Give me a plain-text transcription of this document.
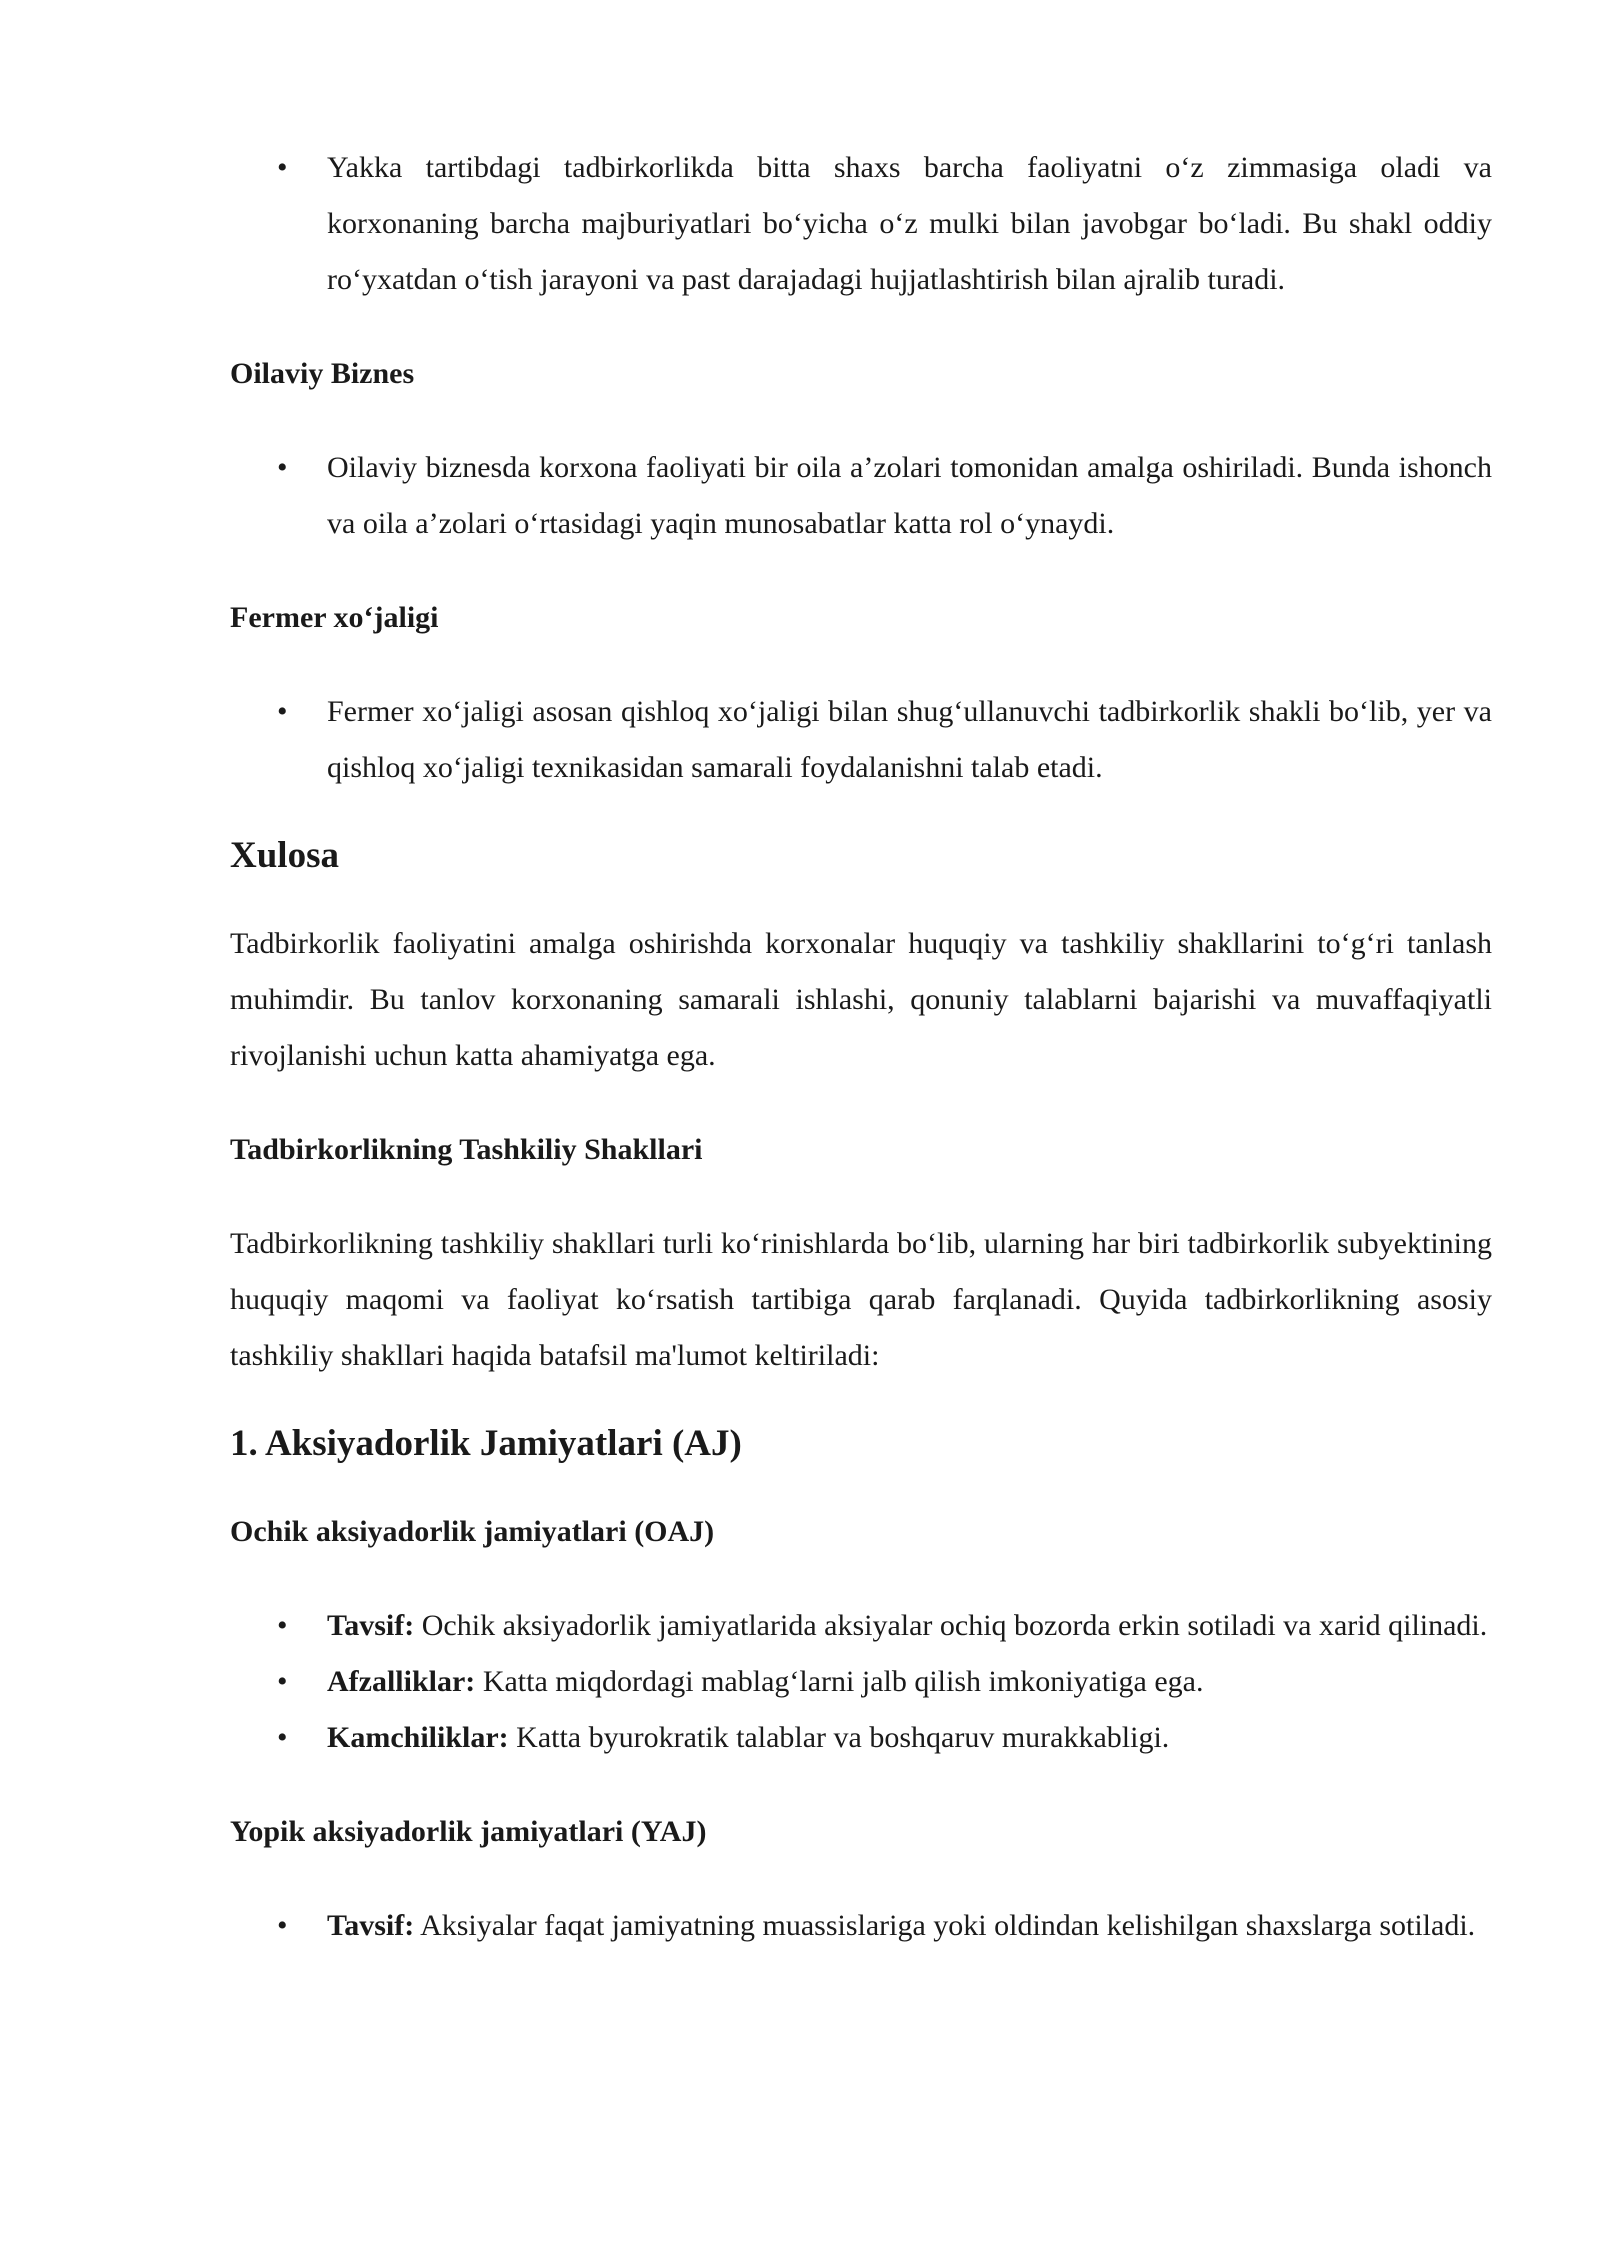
• Yakka tartibdagi tadbirkorlikda bitta shaxs barcha faoliyatni o‘z zimmasiga oladi va korxonaning barcha majburiyatlari bo‘yicha o‘z mulki bilan javobgar bo‘ladi. Bu shakl oddiy ro‘yxatdan o‘tish jarayoni va past darajadagi hujjatlashtirish bilan ajralib turadi.

Oilaviy Biznes

• Oilaviy biznesda korxona faoliyati bir oila a’zolari tomonidan amalga oshiriladi. Bunda ishonch va oila a’zolari o‘rtasidagi yaqin munosabatlar katta rol o‘ynaydi.

Fermer xo‘jaligi

• Fermer xo‘jaligi asosan qishloq xo‘jaligi bilan shug‘ullanuvchi tadbirkorlik shakli bo‘lib, yer va qishloq xo‘jaligi texnikasidan samarali foydalanishni talab etadi.

Xulosa

Tadbirkorlik faoliyatini amalga oshirishda korxonalar huquqiy va tashkiliy shakllarini to‘g‘ri tanlash muhimdir. Bu tanlov korxonaning samarali ishlashi, qonuniy talablarni bajarishi va muvaffaqiyatli rivojlanishi uchun katta ahamiyatga ega.

Tadbirkorlikning Tashkiliy Shakllari

Tadbirkorlikning tashkiliy shakllari turli ko‘rinishlarda bo‘lib, ularning har biri tadbirkorlik subyektining huquqiy maqomi va faoliyat ko‘rsatish tartibiga qarab farqlanadi. Quyida tadbirkorlikning asosiy tashkiliy shakllari haqida batafsil ma'lumot keltiriladi:

1. Aksiyadorlik Jamiyatlari (AJ)

Ochik aksiyadorlik jamiyatlari (OAJ)

• Tavsif: Ochik aksiyadorlik jamiyatlarida aksiyalar ochiq bozorda erkin sotiladi va xarid qilinadi.
• Afzalliklar: Katta miqdordagi mablag‘larni jalb qilish imkoniyatiga ega.
• Kamchiliklar: Katta byurokratik talablar va boshqaruv murakkabligi.

Yopik aksiyadorlik jamiyatlari (YAJ)

• Tavsif: Aksiyalar faqat jamiyatning muassislariga yoki oldindan kelishilgan shaxslarga sotiladi.
